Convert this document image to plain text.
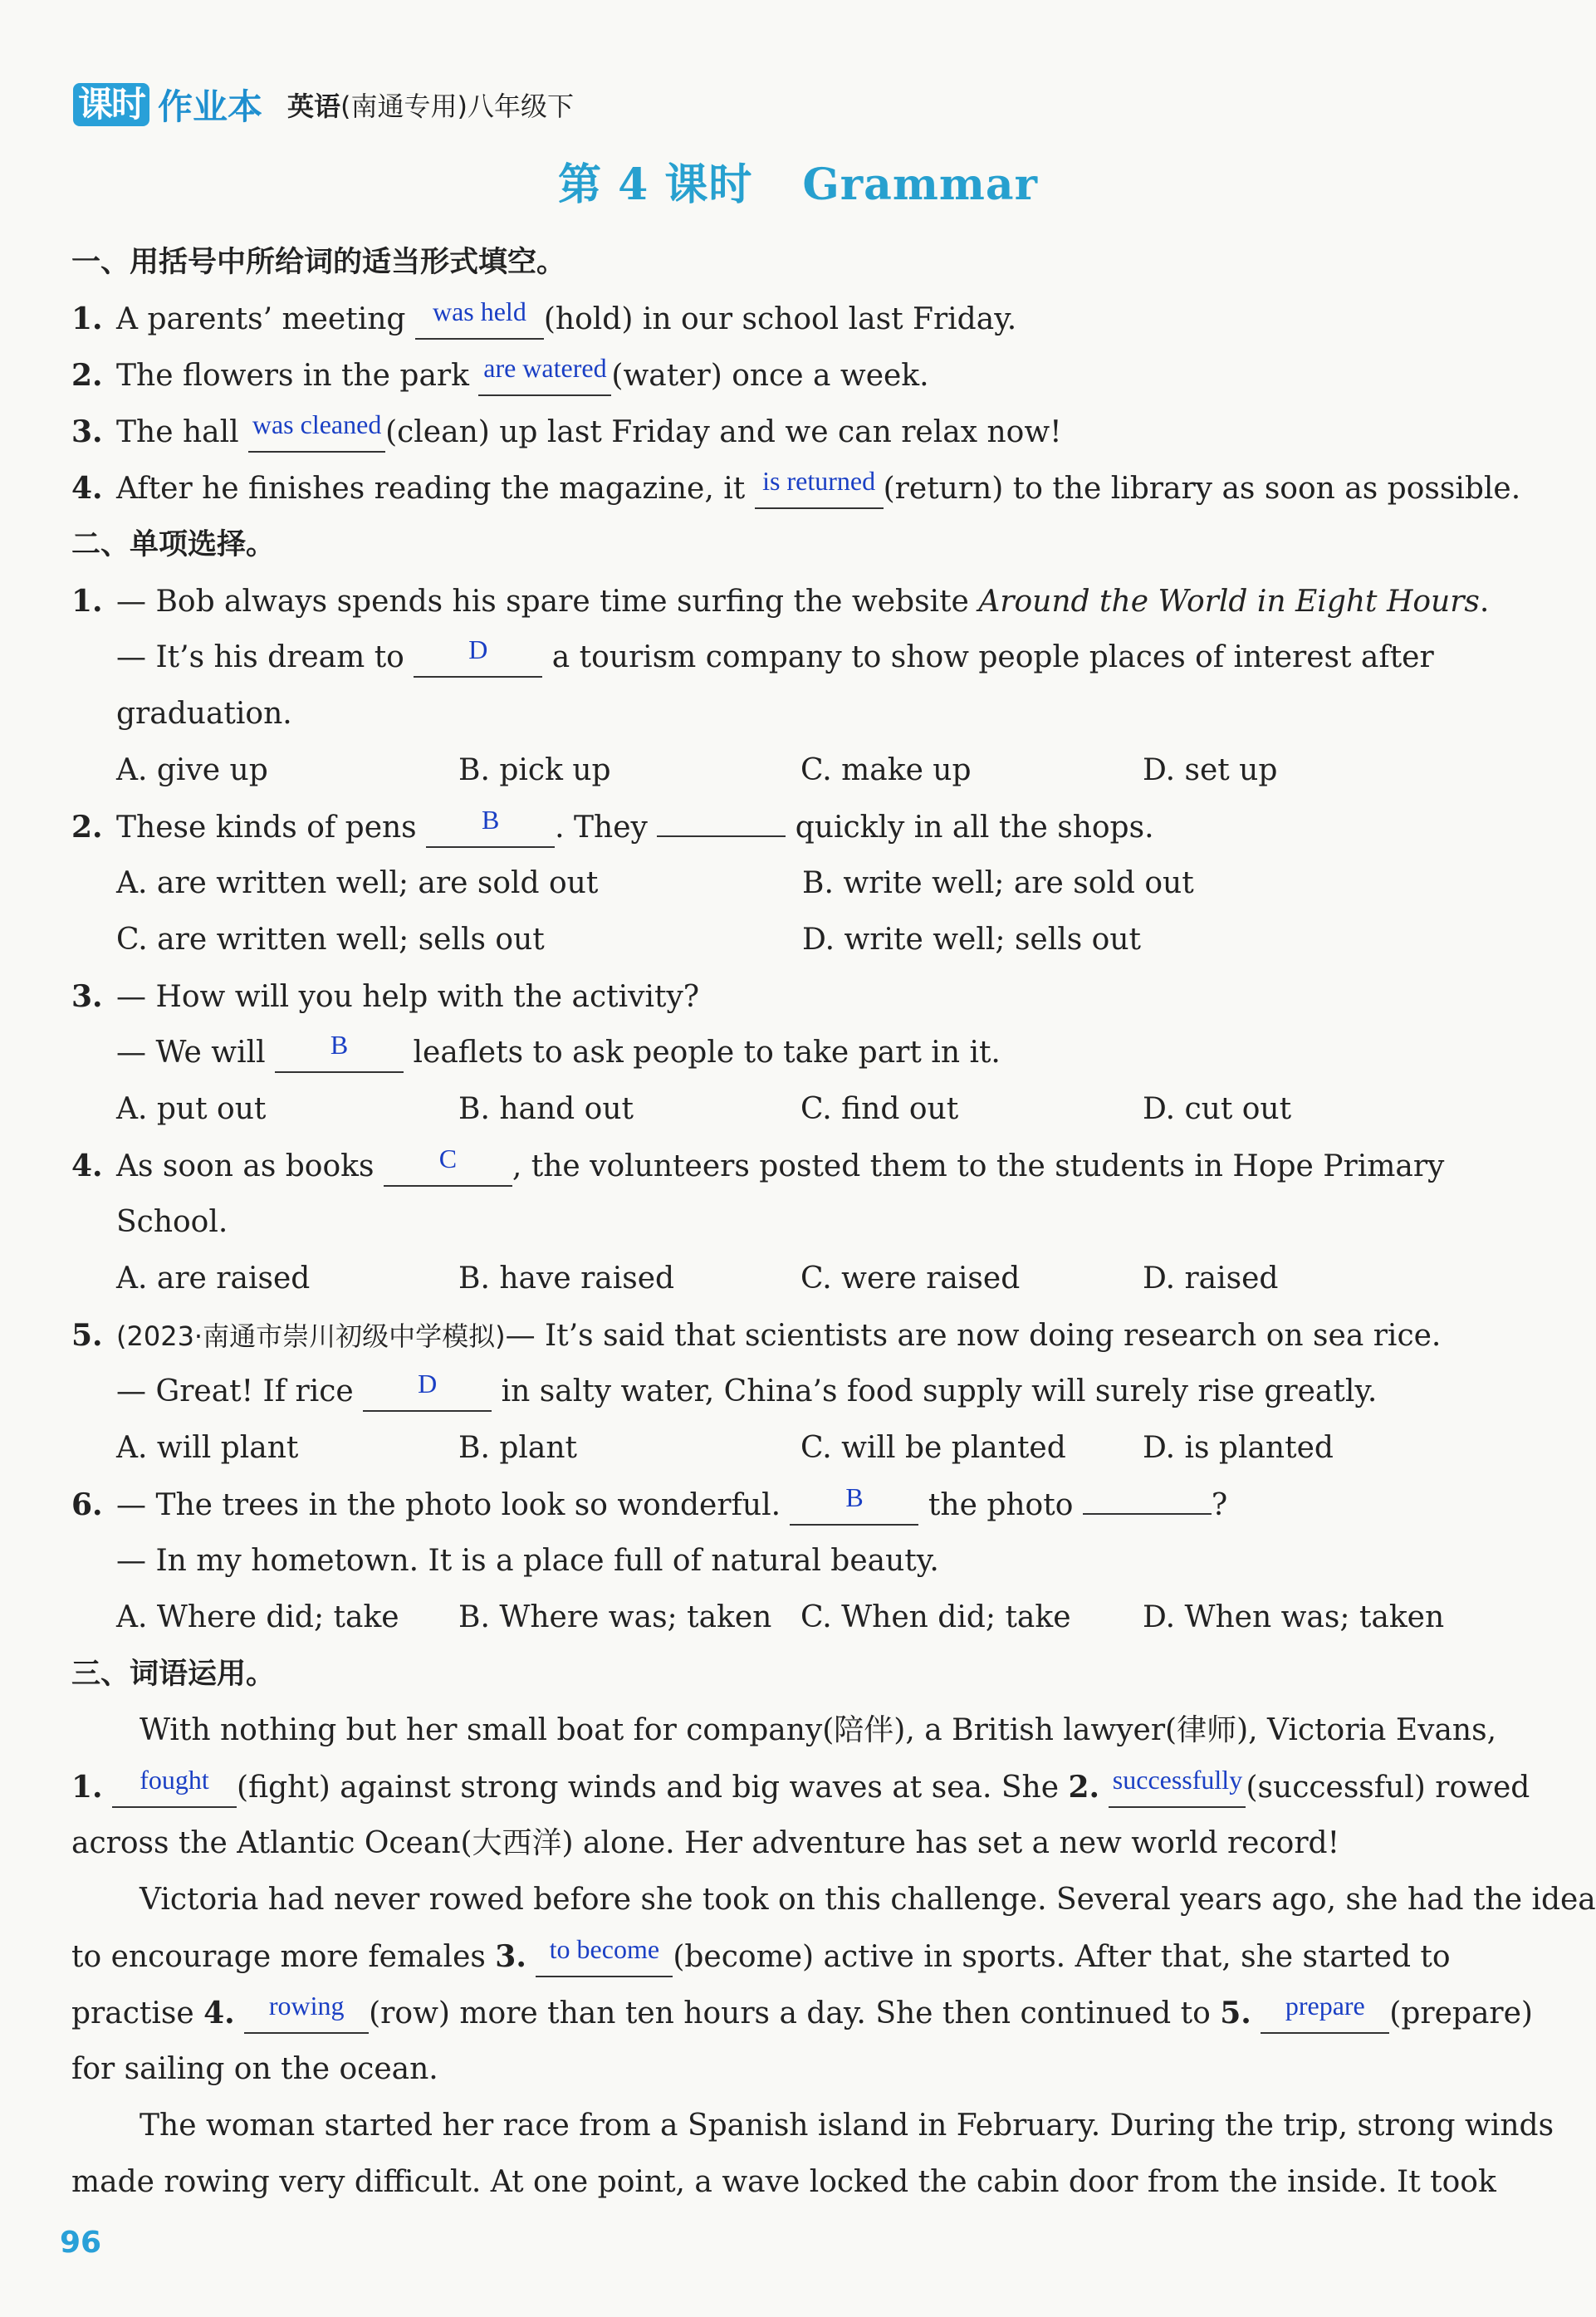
课时 作业本 英语(南通专用)八年级下
第 4 课时 Grammar
一、用括号中所给词的适当形式填空。
1. A parents’ meeting was held (hold) in our school last Friday.
2. The flowers in the park are watered (water) once a week.
3. The hall was cleaned (clean) up last Friday and we can relax now!
4. After he finishes reading the magazine, it is returned (return) to the library as soon as possible.
二、单项选择。
1. — Bob always spends his spare time surfing the website Around the World in Eight Hours.
— It’s his dream to D a tourism company to show people places of interest after
graduation.
A. give up	B. pick up	C. make up	D. set up
2. These kinds of pens B . They	quickly in all the shops.
A. are written well; are sold out	B. write well; are sold out
C. are written well; sells out	D. write well; sells out
3. — How will you help with the activity?
— We will B leaflets to ask people to take part in it.
A. put out	B. hand out	C. find out	D. cut out
4. As soon as books C , the volunteers posted them to the students in Hope Primary
School.
A. are raised	B. have raised	C. were raised	D. raised
5. (2023·南通市崇川初级中学模拟)— It’s said that scientists are now doing research on sea rice.
— Great! If rice D in salty water, China’s food supply will surely rise greatly.
A. will plant	B. plant	C. will be planted	D. is planted
6. — The trees in the photo look so wonderful. B the photo	?
— In my hometown. It is a place full of natural beauty.
A. Where did; take	B. Where was; taken C. When did; take	D. When was; taken
三、词语运用。
With nothing but her small boat for company(陪伴), a British lawyer(律师), Victoria Evans,
1. fought (fight) against strong winds and big waves at sea. She 2. successfully (successful) rowed
across the Atlantic Ocean(大西洋) alone. Her adventure has set a new world record!
Victoria had never rowed before she took on this challenge. Several years ago, she had the idea
to encourage more females 3. to become (become) active in sports. After that, she started to
practise 4. rowing (row) more than ten hours a day. She then continued to 5. prepare (prepare)
for sailing on the ocean.
The woman started her race from a Spanish island in February. During the trip, strong winds
made rowing very difficult. At one point, a wave locked the cabin door from the inside. It took
96
